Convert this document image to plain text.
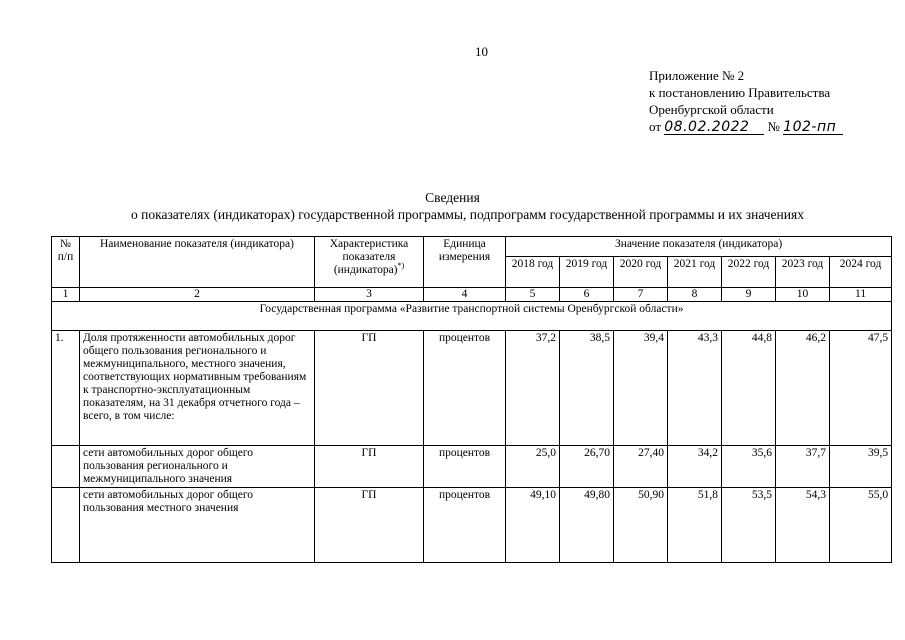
10
Приложение № 2
к постановлению Правительства
Оренбургской области
от 08.02.2022 № 102-пп
Сведения
о показателях (индикаторах) государственной программы, подпрограмм государственной программы и их значениях
№ п/п	Наименование показателя (индикатора)	Характеристика показателя (индикатора)*)	Единица измерения	Значение показателя (индикатора)						
				2018 год	2019 год	2020 год	2021 год	2022 год	2023 год	2024 год
1	2	3	4	5	6	7	8	9	10	11
Государственная программа «Развитие транспортной системы Оренбургской области»										
1.	Доля протяженности автомобильных дорог общего пользования регионального и межмуниципального, местного значения, соответствующих нормативным требованиям к транспортно-эксплуатационным показателям, на 31 декабря отчетного года – всего, в том числе:	ГП	процентов	37,2	38,5	39,4	43,3	44,8	46,2	47,5
	сети автомобильных дорог общего пользования регионального и межмуниципального значения	ГП	процентов	25,0	26,70	27,40	34,2	35,6	37,7	39,5
	сети автомобильных дорог общего пользования местного значения	ГП	процентов	49,10	49,80	50,90	51,8	53,5	54,3	55,0
